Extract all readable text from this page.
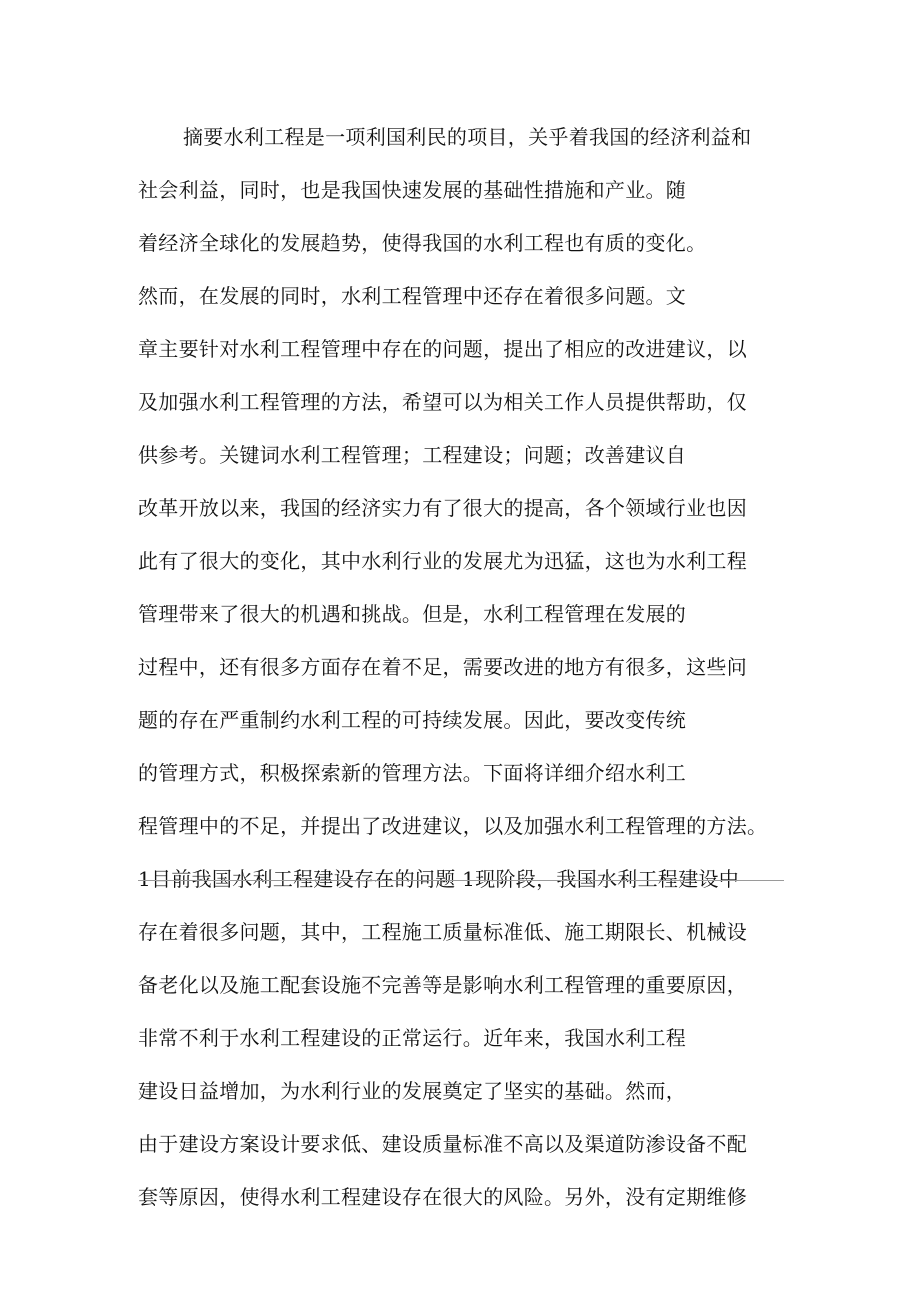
摘要水利工程是一项利国利民的项目，关乎着我国的经济利益和
社会利益，同时，也是我国快速发展的基础性措施和产业。随
着经济全球化的发展趋势，使得我国的水利工程也有质的变化。
然而，在发展的同时，水利工程管理中还存在着很多问题。文
章主要针对水利工程管理中存在的问题，提出了相应的改进建议，以
及加强水利工程管理的方法，希望可以为相关工作人员提供帮助，仅
供参考。关键词水利工程管理；工程建设；问题；改善建议自
改革开放以来，我国的经济实力有了很大的提高，各个领域行业也因
此有了很大的变化，其中水利行业的发展尤为迅猛，这也为水利工程
管理带来了很大的机遇和挑战。但是，水利工程管理在发展的
过程中，还有很多方面存在着不足，需要改进的地方有很多，这些问
题的存在严重制约水利工程的可持续发展。因此，要改变传统
的管理方式，积极探索新的管理方法。下面将详细介绍水利工
程管理中的不足，并提出了改进建议，以及加强水利工程管理的方法。
1目前我国水利工程建设存在的问题 1现阶段，我国水利工程建设中
存在着很多问题，其中，工程施工质量标准低、施工期限长、机械设
备老化以及施工配套设施不完善等是影响水利工程管理的重要原因，
非常不利于水利工程建设的正常运行。近年来，我国水利工程
建设日益增加，为水利行业的发展奠定了坚实的基础。然而，
由于建设方案设计要求低、建设质量标准不高以及渠道防渗设备不配
套等原因，使得水利工程建设存在很大的风险。另外，没有定期维修
